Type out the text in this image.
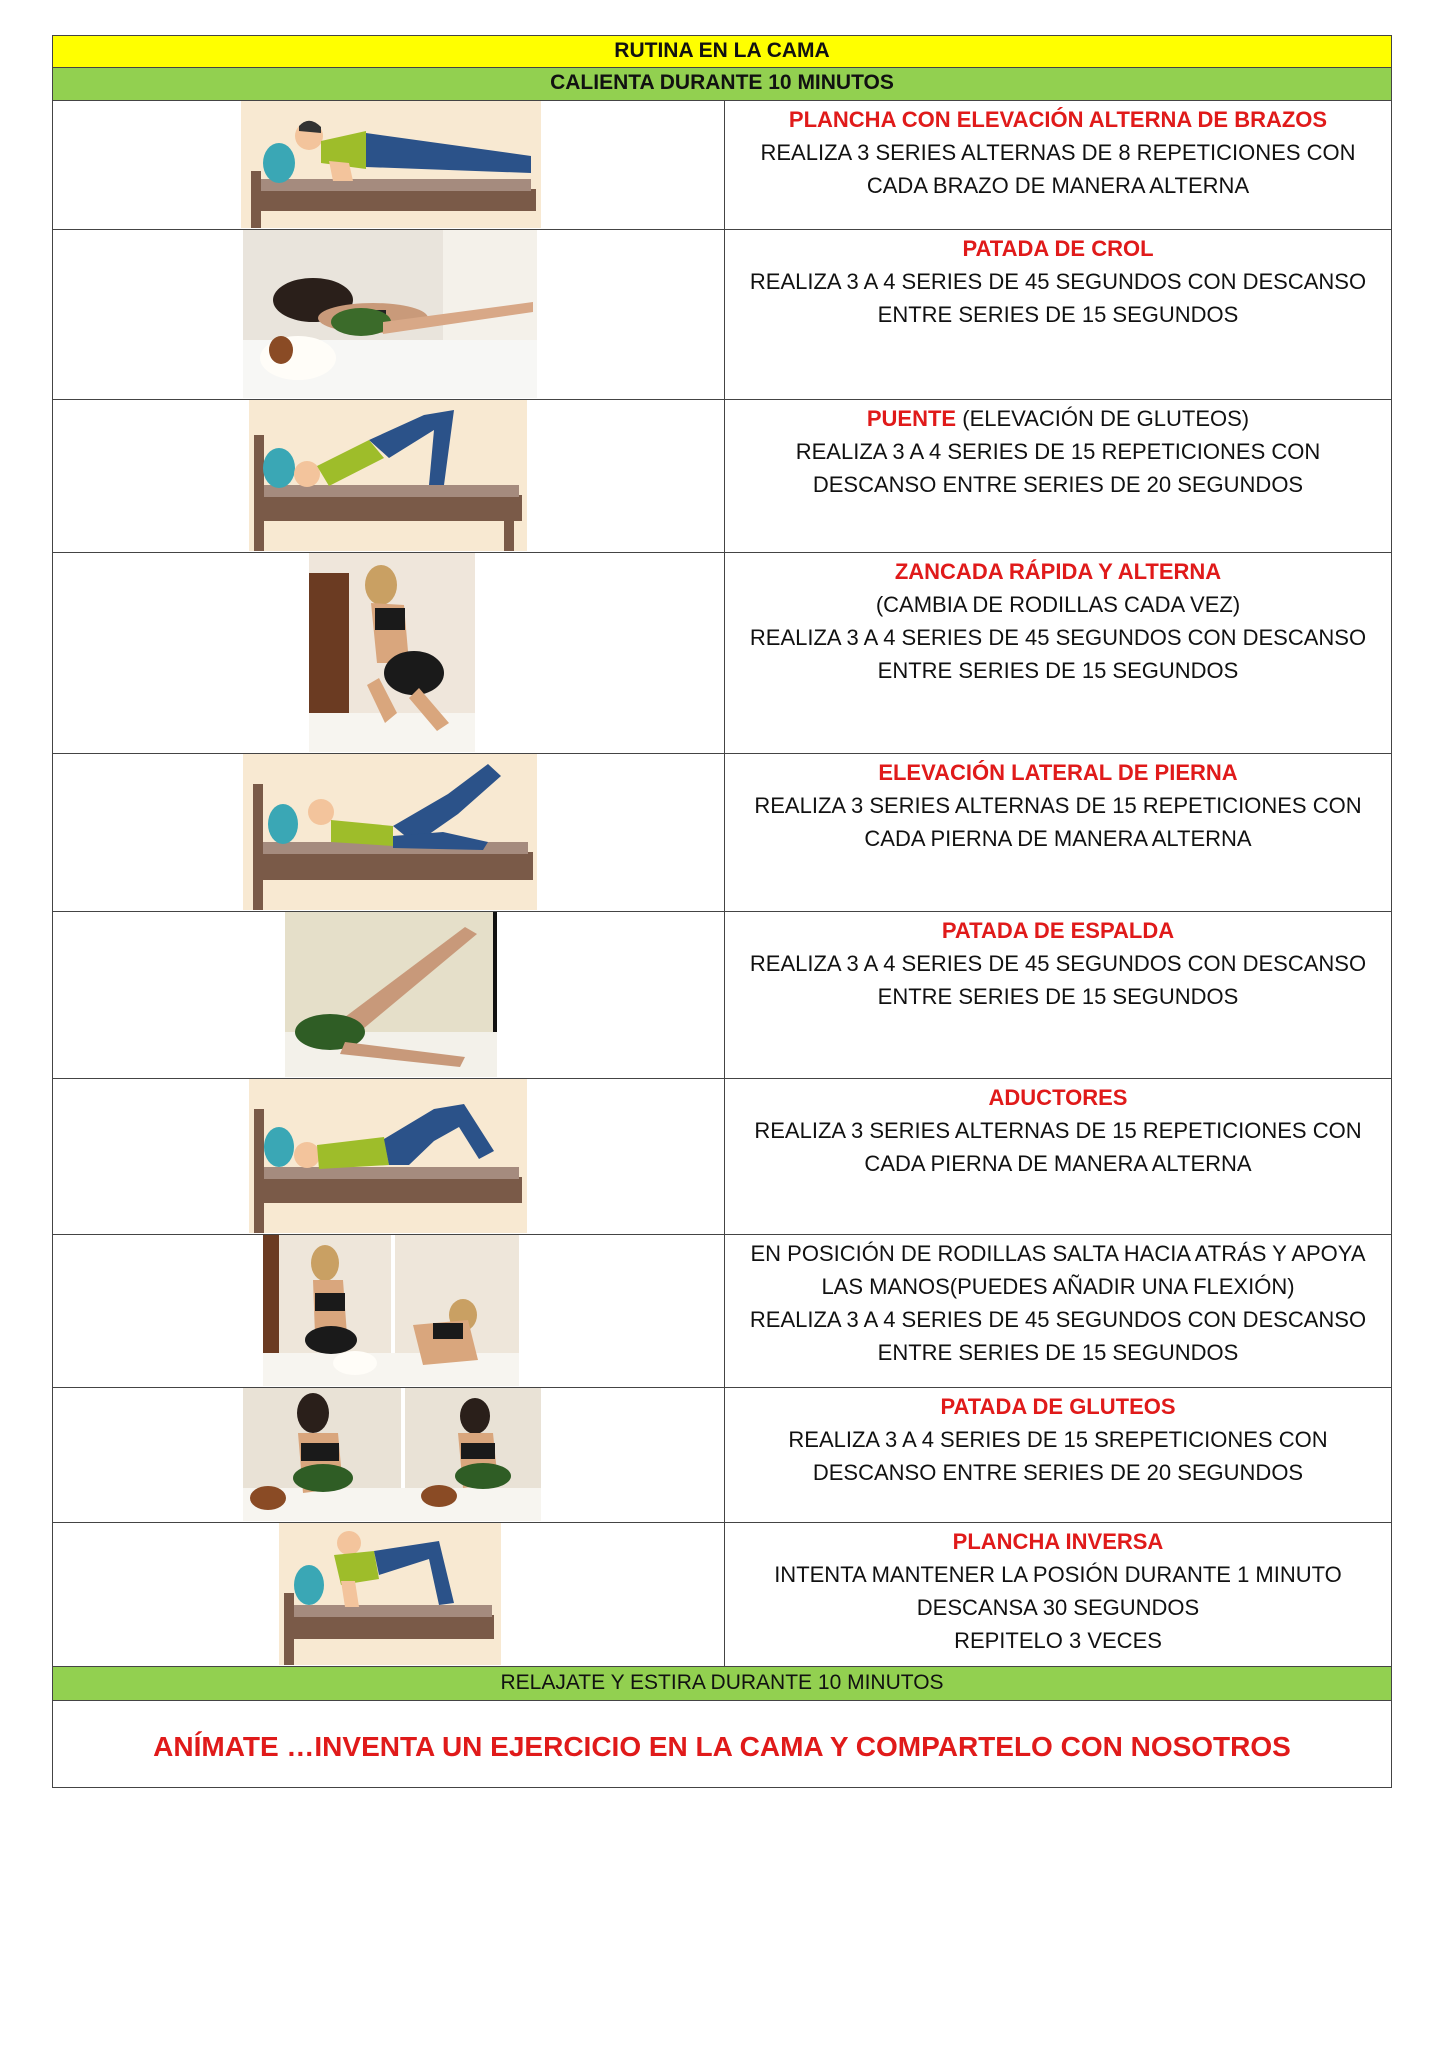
RUTINA EN LA CAMA
CALIENTA DURANTE 10 MINUTOS
PLANCHA CON ELEVACIÓN ALTERNA DE BRAZOS
REALIZA 3 SERIES ALTERNAS DE 8 REPETICIONES CON
CADA BRAZO DE MANERA ALTERNA
PATADA DE CROL
REALIZA 3 A 4 SERIES DE 45 SEGUNDOS CON DESCANSO
ENTRE SERIES DE 15 SEGUNDOS
PUENTE (ELEVACIÓN DE GLUTEOS)
REALIZA 3 A 4 SERIES DE 15 REPETICIONES CON
DESCANSO ENTRE SERIES DE 20 SEGUNDOS
ZANCADA RÁPIDA Y ALTERNA
(CAMBIA DE RODILLAS CADA VEZ)
REALIZA 3 A 4 SERIES DE 45 SEGUNDOS CON DESCANSO
ENTRE SERIES DE 15 SEGUNDOS
ELEVACIÓN LATERAL DE PIERNA
REALIZA 3 SERIES ALTERNAS DE 15 REPETICIONES CON
CADA PIERNA DE MANERA ALTERNA
PATADA DE ESPALDA
REALIZA 3 A 4 SERIES DE 45 SEGUNDOS CON DESCANSO
ENTRE SERIES DE 15 SEGUNDOS
ADUCTORES
REALIZA 3 SERIES ALTERNAS DE 15 REPETICIONES CON
CADA PIERNA DE MANERA ALTERNA
EN POSICIÓN DE RODILLAS SALTA HACIA ATRÁS Y APOYA
LAS MANOS(PUEDES AÑADIR UNA FLEXIÓN)
REALIZA 3 A 4 SERIES DE 45 SEGUNDOS CON DESCANSO
ENTRE SERIES DE 15 SEGUNDOS
PATADA DE GLUTEOS
REALIZA 3 A 4 SERIES DE 15 SREPETICIONES CON
DESCANSO ENTRE SERIES DE 20 SEGUNDOS
PLANCHA INVERSA
INTENTA MANTENER LA POSIÓN DURANTE 1 MINUTO
DESCANSA 30 SEGUNDOS
REPITELO 3 VECES
RELAJATE Y ESTIRA DURANTE 10 MINUTOS
ANÍMATE …INVENTA UN EJERCICIO EN LA CAMA Y COMPARTELO CON NOSOTROS
